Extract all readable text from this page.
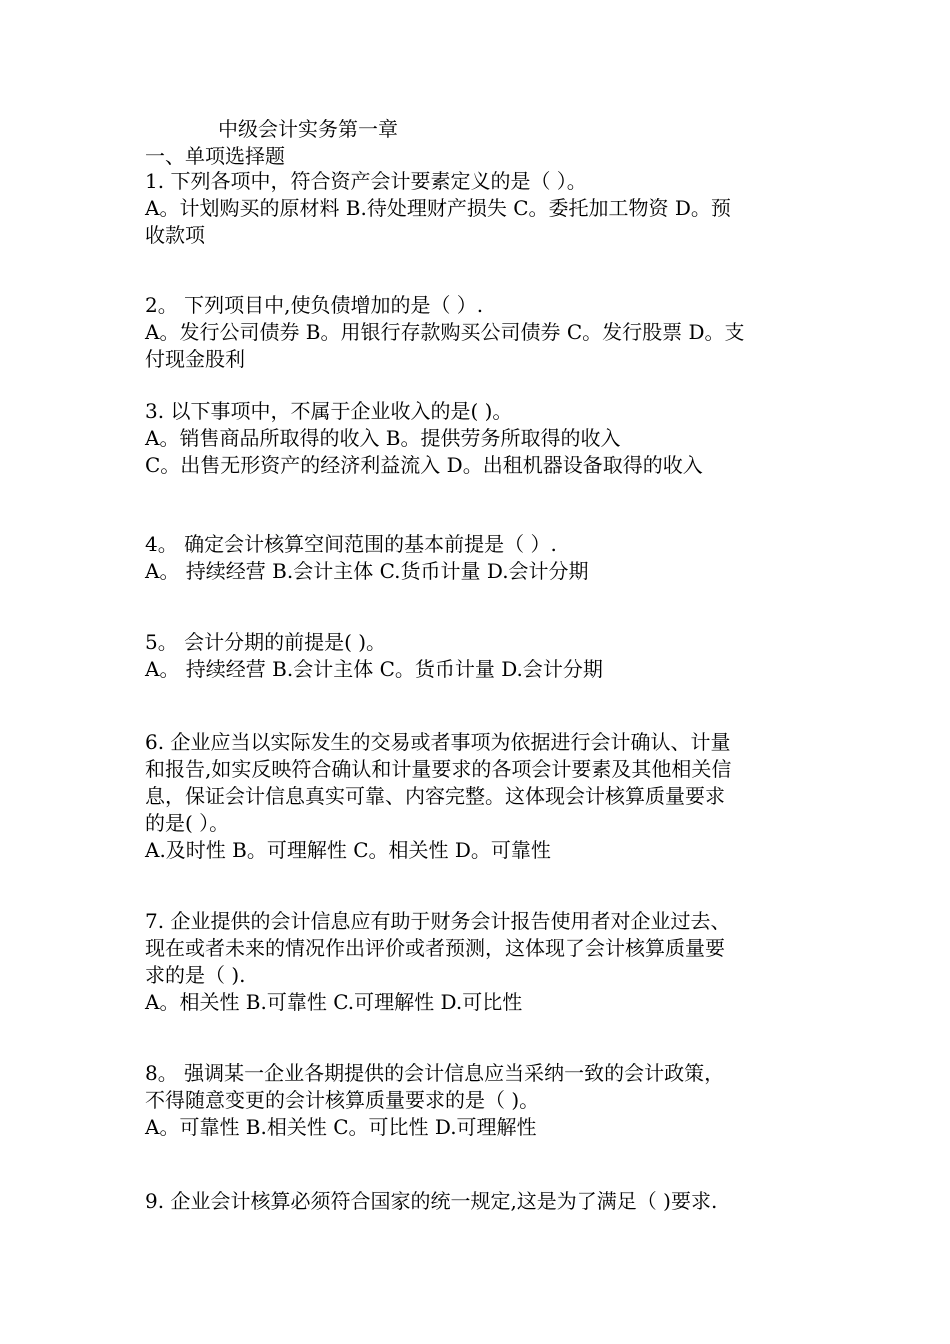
中级会计实务第一章
一、单项选择题
1. 下列各项中，符合资产会计要素定义的是（ ）。
A。计划购买的原材料 B.待处理财产损失 C。委托加工物资 D。预
收款项
2。 下列项目中,使负债增加的是（ ）.
A。发行公司债券 B。用银行存款购买公司债券 C。发行股票 D。支
付现金股利
3. 以下事项中，不属于企业收入的是( )。
A。销售商品所取得的收入 B。提供劳务所取得的收入
C。出售无形资产的经济利益流入 D。出租机器设备取得的收入
4。 确定会计核算空间范围的基本前提是（ ）.
A。 持续经营 B.会计主体 C.货币计量 D.会计分期
5。 会计分期的前提是( )。
A。 持续经营 B.会计主体 C。货币计量 D.会计分期
6. 企业应当以实际发生的交易或者事项为依据进行会计确认、计量
和报告,如实反映符合确认和计量要求的各项会计要素及其他相关信
息，保证会计信息真实可靠、内容完整。这体现会计核算质量要求
的是( ）。
A.及时性 B。可理解性 C。相关性 D。可靠性
7. 企业提供的会计信息应有助于财务会计报告使用者对企业过去、
现在或者未来的情况作出评价或者预测，这体现了会计核算质量要
求的是（ ).
A。相关性 B.可靠性 C.可理解性 D.可比性
8。 强调某一企业各期提供的会计信息应当采纳一致的会计政策，
不得随意变更的会计核算质量要求的是（ )。
A。可靠性 B.相关性 C。可比性 D.可理解性
9. 企业会计核算必须符合国家的统一规定,这是为了满足（ )要求.
